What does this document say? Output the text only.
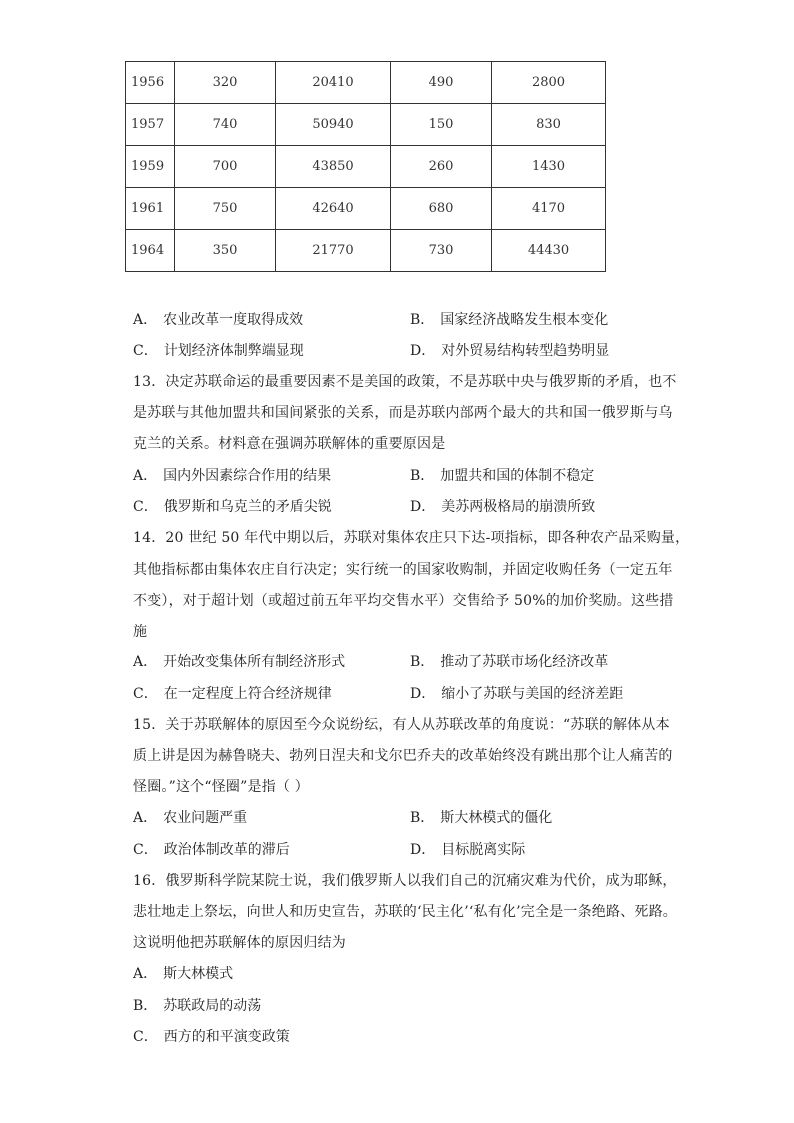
1956	320	20410	490	2800
1957	740	50940	150	830
1959	700	43850	260	1430
1961	750	42640	680	4170
1964	350	21770	730	44430
A． 农业改革一度取得成效	B． 国家经济战略发生根本变化
C． 计划经济体制弊端显现	D． 对外贸易结构转型趋势明显
13．决定苏联命运的最重要因素不是美国的政策，不是苏联中央与俄罗斯的矛盾，也不
是苏联与其他加盟共和国间紧张的关系，而是苏联内部两个最大的共和国一俄罗斯与乌
克兰的关系。材料意在强调苏联解体的重要原因是
A． 国内外因素综合作用的结果	B． 加盟共和国的体制不稳定
C． 俄罗斯和乌克兰的矛盾尖锐	D． 美苏两极格局的崩溃所致
14．20 世纪 50 年代中期以后，苏联对集体农庄只下达-项指标，即各种农产品采购量，
其他指标都由集体农庄自行决定；实行统一的国家收购制，并固定收购任务（一定五年
不变），对于超计划（或超过前五年平均交售水平）交售给予 50%的加价奖励。这些措
施
A． 开始改变集体所有制经济形式	B． 推动了苏联市场化经济改革
C． 在一定程度上符合经济规律	D． 缩小了苏联与美国的经济差距
15．关于苏联解体的原因至今众说纷纭，有人从苏联改革的角度说：“苏联的解体从本
质上讲是因为赫鲁晓夫、勃列日涅夫和戈尔巴乔夫的改革始终没有跳出那个让人痛苦的
怪圈。”这个“怪圈”是指（ ）
A． 农业问题严重	B． 斯大林模式的僵化
C． 政治体制改革的滞后	D． 目标脱离实际
16．俄罗斯科学院某院士说，我们俄罗斯人以我们自己的沉痛灾难为代价，成为耶稣，
悲壮地走上祭坛，向世人和历史宣告，苏联的‘民主化’‘私有化’完全是一条绝路、死路。
这说明他把苏联解体的原因归结为
A． 斯大林模式
B． 苏联政局的动荡
C． 西方的和平演变政策
